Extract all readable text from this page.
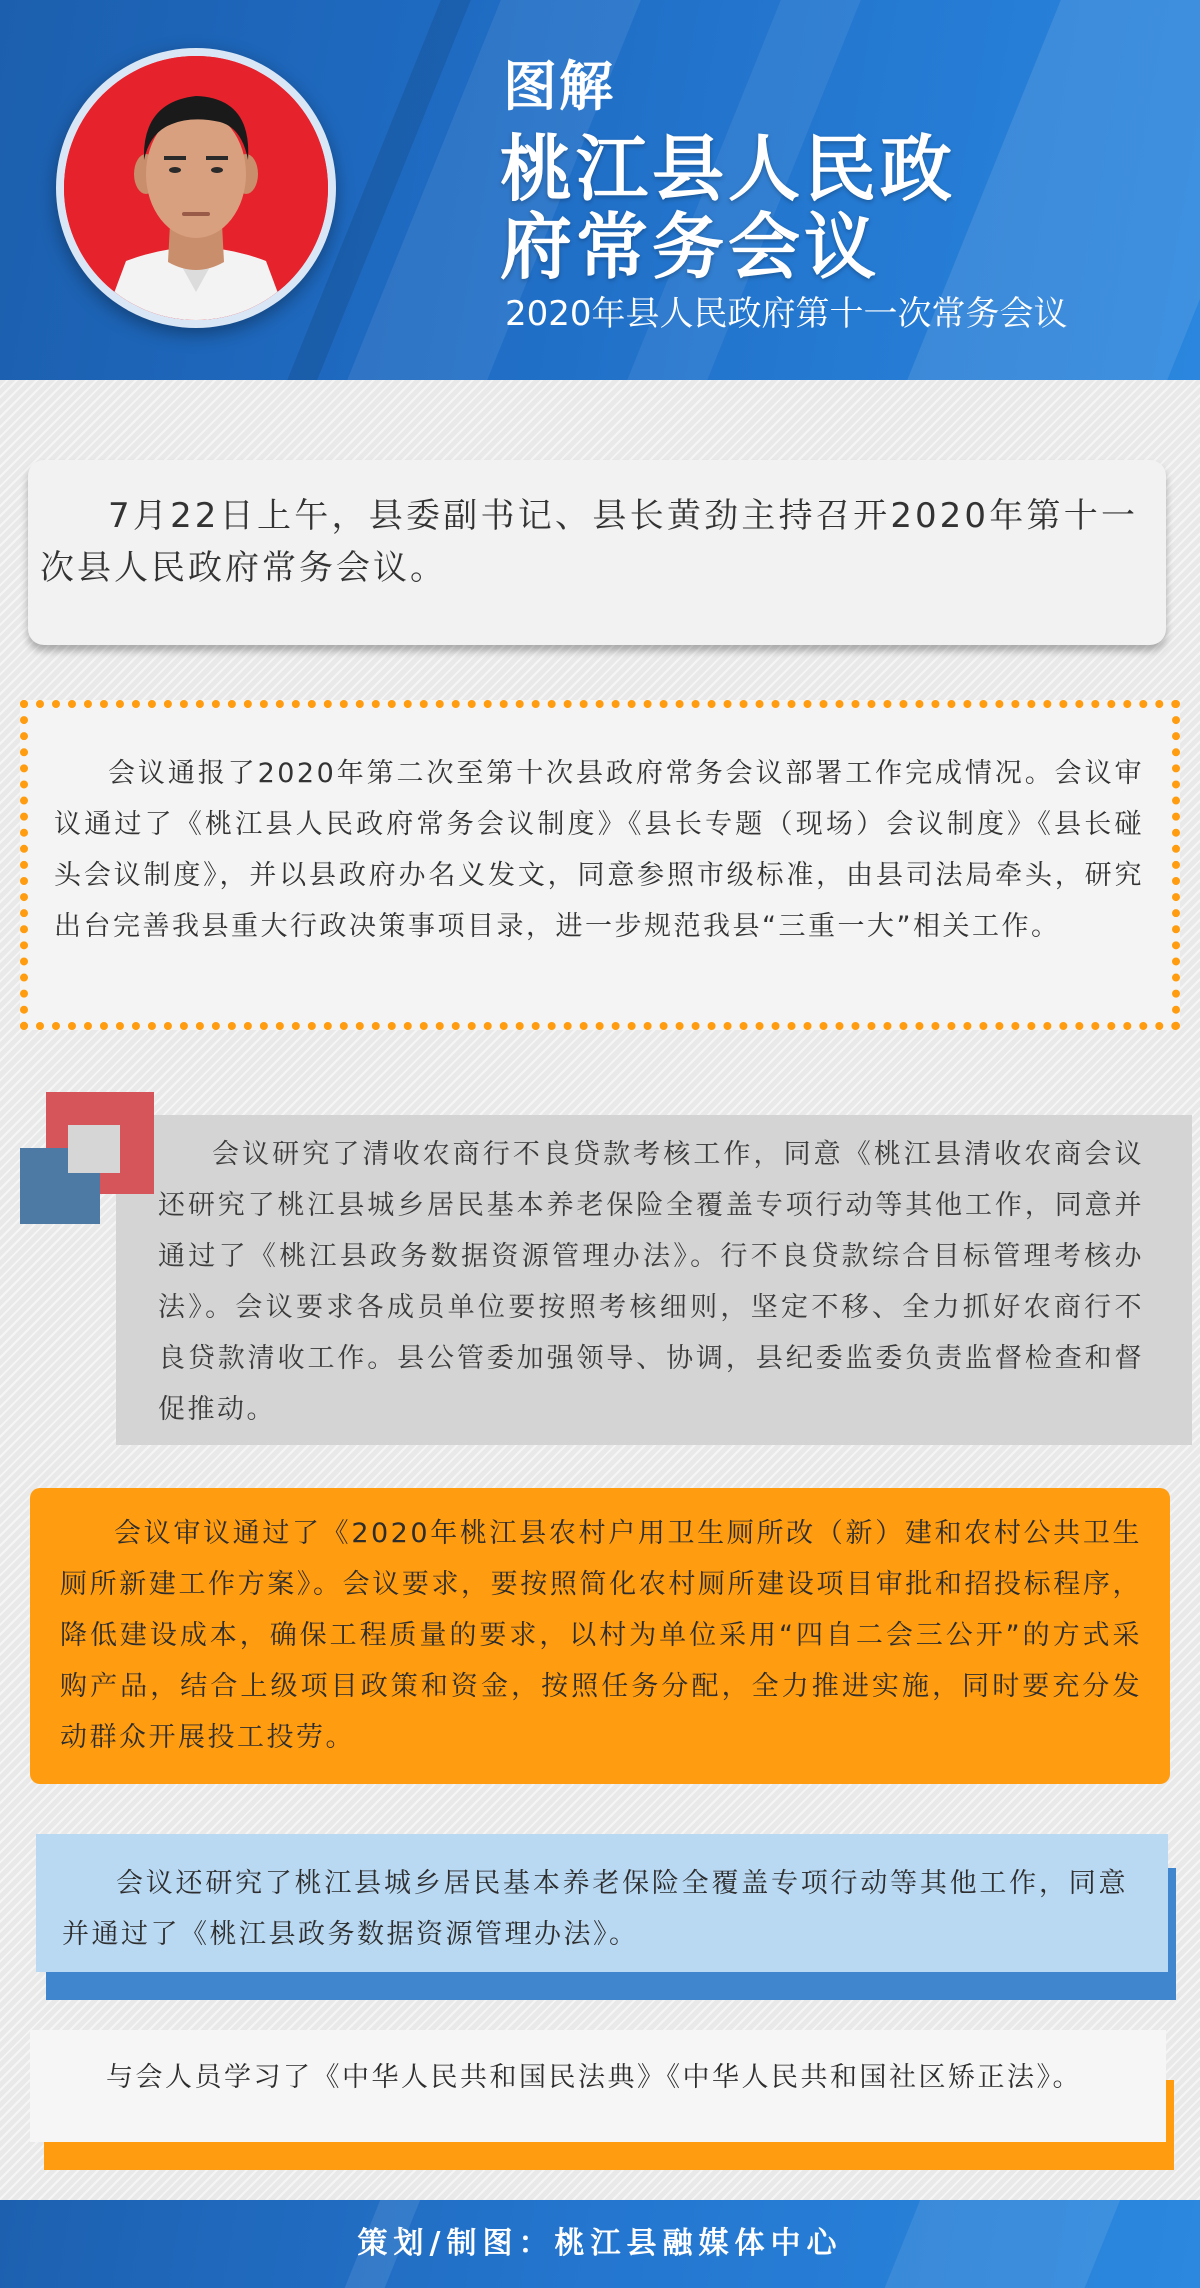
图解
桃江县人民政府常务会议
2020年县人民政府第十一次常务会议

7月22日上午，县委副书记、县长黄劲主持召开2020年第十一次县人民政府常务会议。

会议通报了2020年第二次至第十次县政府常务会议部署工作完成情况。会议审议通过了《桃江县人民政府常务会议制度》《县长专题（现场）会议制度》《县长碰头会议制度》，并以县政府办名义发文，同意参照市级标准，由县司法局牵头，研究出台完善我县重大行政决策事项目录，进一步规范我县“三重一大”相关工作。

会议研究了清收农商行不良贷款考核工作，同意《桃江县清收农商会议还研究了桃江县城乡居民基本养老保险全覆盖专项行动等其他工作，同意并通过了《桃江县政务数据资源管理办法》。行不良贷款综合目标管理考核办法》。会议要求各成员单位要按照考核细则，坚定不移、全力抓好农商行不良贷款清收工作。县公管委加强领导、协调，县纪委监委负责监督检查和督促推动。

会议审议通过了《2020年桃江县农村户用卫生厕所改（新）建和农村公共卫生厕所新建工作方案》。会议要求，要按照简化农村厕所建设项目审批和招投标程序，降低建设成本，确保工程质量的要求，以村为单位采用“四自二会三公开”的方式采购产品，结合上级项目政策和资金，按照任务分配，全力推进实施，同时要充分发动群众开展投工投劳。

会议还研究了桃江县城乡居民基本养老保险全覆盖专项行动等其他工作，同意并通过了《桃江县政务数据资源管理办法》。

与会人员学习了《中华人民共和国民法典》《中华人民共和国社区矫正法》。

策划/制图：桃江县融媒体中心
